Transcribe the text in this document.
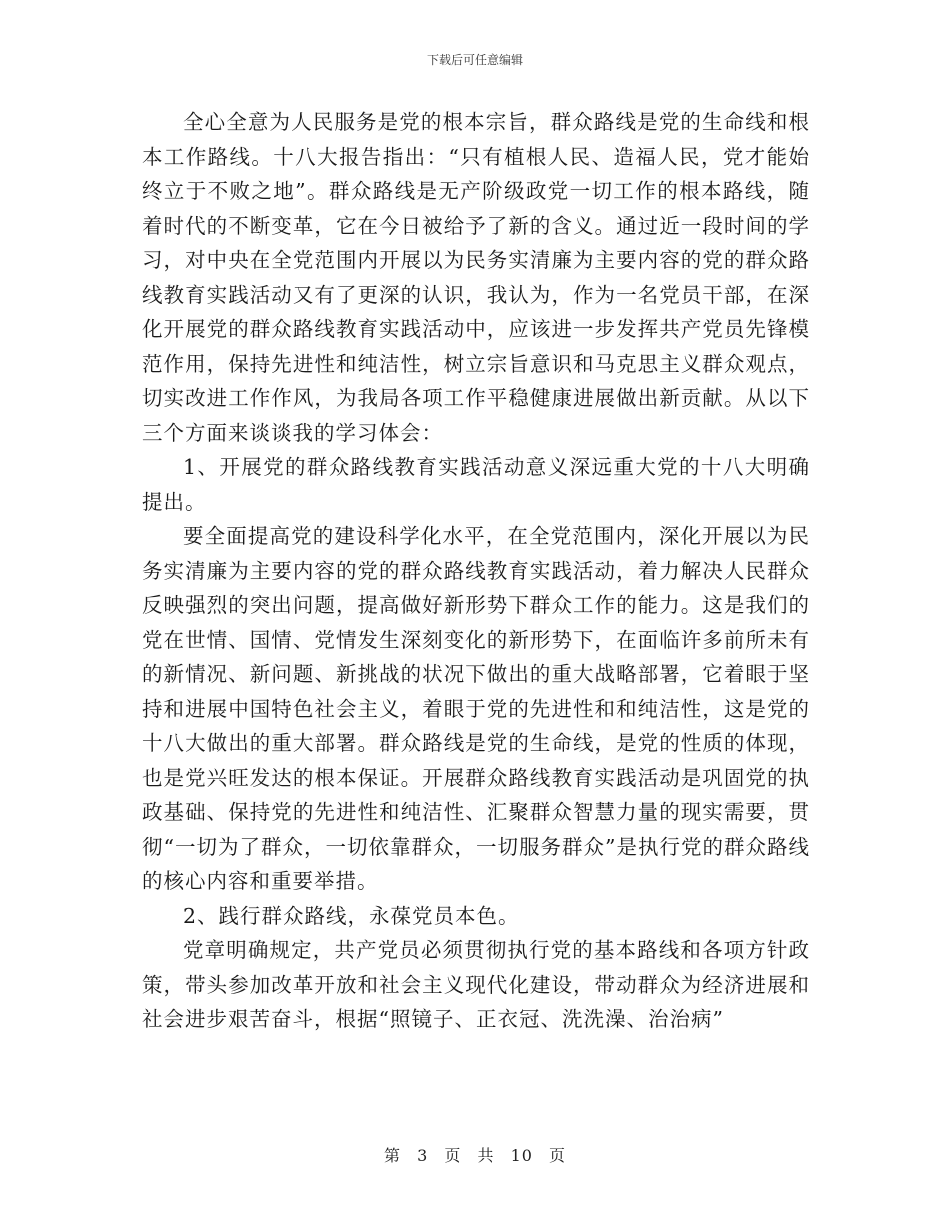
下载后可任意编辑

全心全意为人民服务是党的根本宗旨，群众路线是党的生命线和根本工作路线。十八大报告指出：“只有植根人民、造福人民，党才能始终立于不败之地”。群众路线是无产阶级政党一切工作的根本路线，随着时代的不断变革，它在今日被给予了新的含义。通过近一段时间的学习，对中央在全党范围内开展以为民务实清廉为主要内容的党的群众路线教育实践活动又有了更深的认识，我认为，作为一名党员干部，在深化开展党的群众路线教育实践活动中，应该进一步发挥共产党员先锋模范作用，保持先进性和纯洁性，树立宗旨意识和马克思主义群众观点，切实改进工作作风，为我局各项工作平稳健康进展做出新贡献。从以下三个方面来谈谈我的学习体会：

1、开展党的群众路线教育实践活动意义深远重大党的十八大明确提出。

要全面提高党的建设科学化水平，在全党范围内，深化开展以为民务实清廉为主要内容的党的群众路线教育实践活动，着力解决人民群众反映强烈的突出问题，提高做好新形势下群众工作的能力。这是我们的党在世情、国情、党情发生深刻变化的新形势下，在面临许多前所未有的新情况、新问题、新挑战的状况下做出的重大战略部署，它着眼于坚持和进展中国特色社会主义，着眼于党的先进性和和纯洁性，这是党的十八大做出的重大部署。群众路线是党的生命线，是党的性质的体现，也是党兴旺发达的根本保证。开展群众路线教育实践活动是巩固党的执政基础、保持党的先进性和纯洁性、汇聚群众智慧力量的现实需要，贯彻“一切为了群众，一切依靠群众，一切服务群众”是执行党的群众路线的核心内容和重要举措。

2、践行群众路线，永葆党员本色。

党章明确规定，共产党员必须贯彻执行党的基本路线和各项方针政策，带头参加改革开放和社会主义现代化建设，带动群众为经济进展和社会进步艰苦奋斗，根据“照镜子、正衣冠、洗洗澡、治治病”

第 3 页 共 10 页
